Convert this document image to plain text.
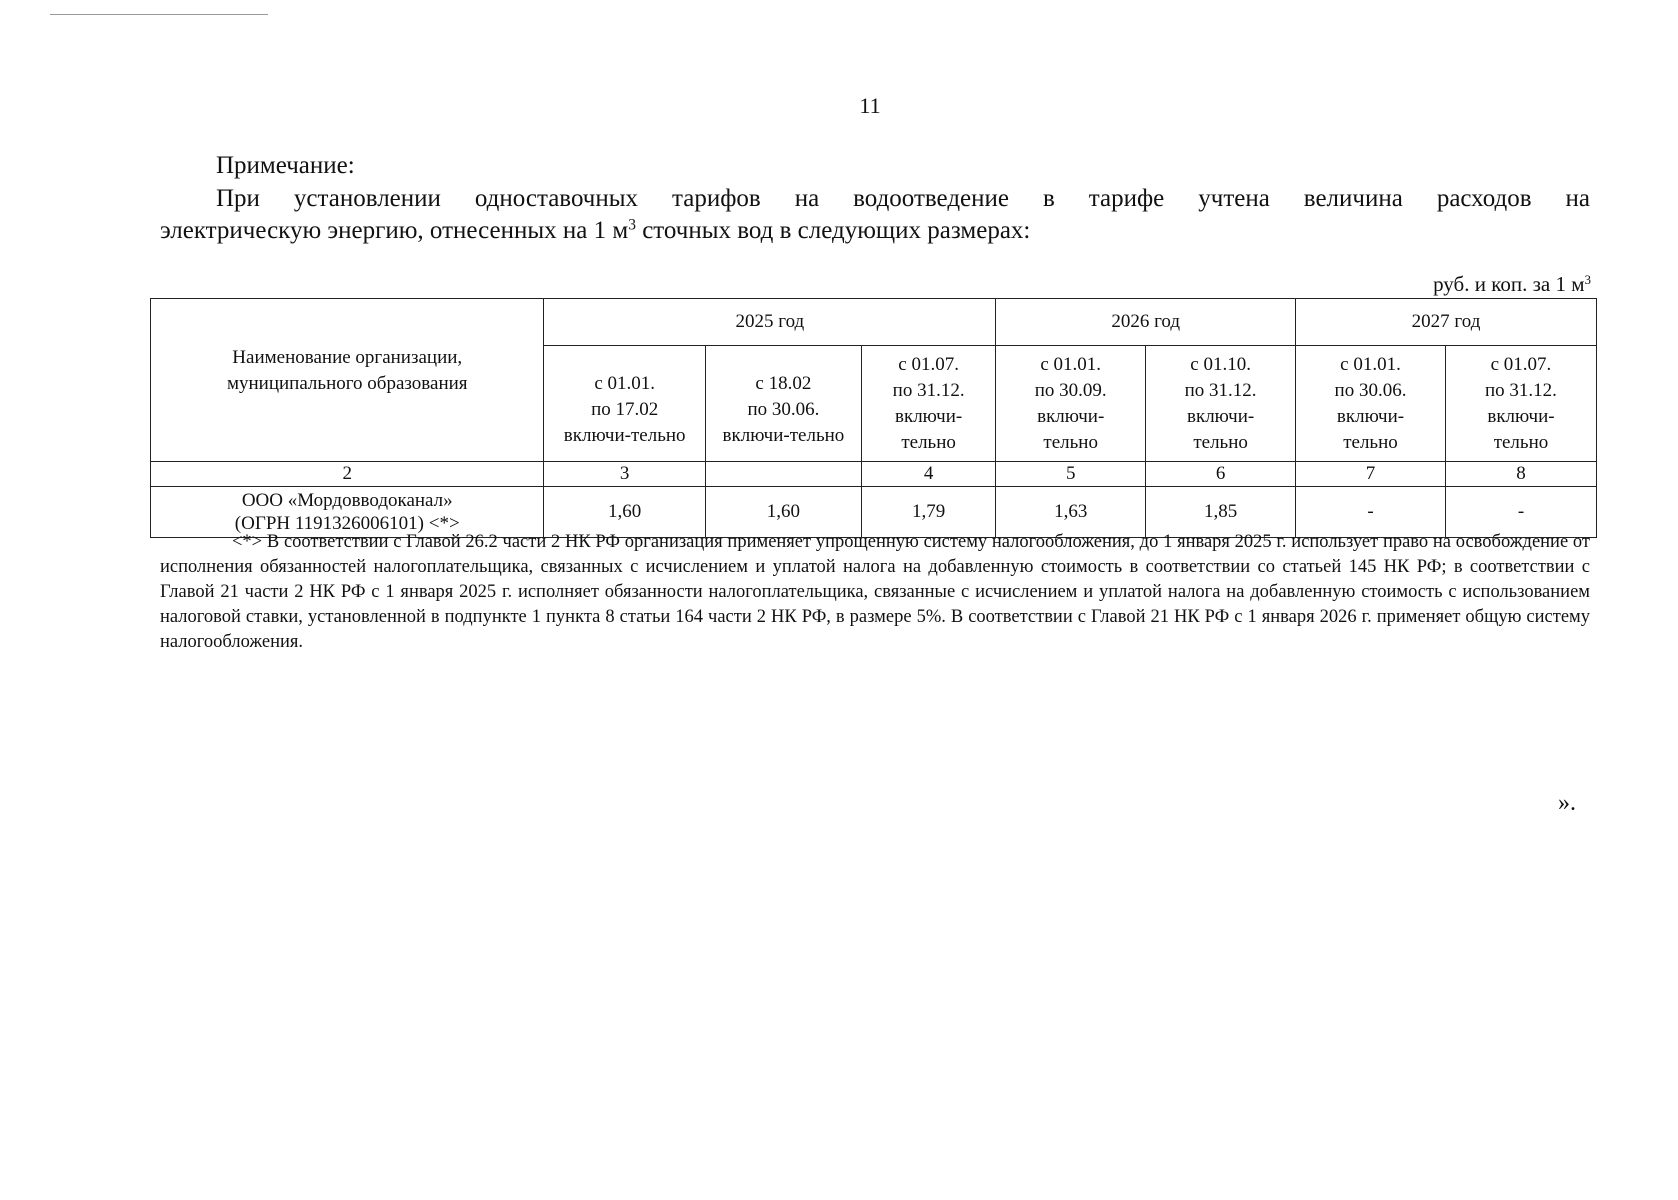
11
Примечание:
При установлении одноставочных тарифов на водоотведение в тарифе учтена величина расходов на
электрическую энергию, отнесенных на 1 $м^3$ сточных вод в следующих размерах:
руб. и коп. за 1 $м^3$
Наименование организации,
муниципального образования	2025 год			2026 год		2027 год	

	с 01.01.
по 17.02
включи-тельно	с 18.02
по 30.06.
включи-тельно	с 01.07.
по 31.12.
включи-
тельно	с 01.01.
по 30.09.
включи-
тельно	с 01.10.
по 31.12.
включи-
тельно	с 01.01.
по 30.06.
включи-
тельно	с 01.07.
по 31.12.
включи-
тельно

2	3		4	5	6	7	8

ООО «Мордовводоканал»
(ОГРН 1191326006101) <*>	1,60	1,60	1,79	1,63	1,85	-	-
<*> В соответствии с Главой 26.2 части 2 НК РФ организация применяет упрощенную систему налогообложения, до 1 января 2025 г. использует право на освобождение от исполнения обязанностей налогоплательщика, связанных с исчислением и уплатой налога на добавленную стоимость в соответствии со статьей 145 НК РФ; в соответствии с Главой 21 части 2 НК РФ с 1 января 2025 г. исполняет обязанности налогоплательщика, связанные с исчислением и уплатой налога на добавленную стоимость с использованием налоговой ставки, установленной в подпункте 1 пункта 8 статьи 164 части 2 НК РФ, в размере 5%. В соответствии с Главой 21 НК РФ с 1 января 2026 г. применяет общую систему налогообложения.
».
